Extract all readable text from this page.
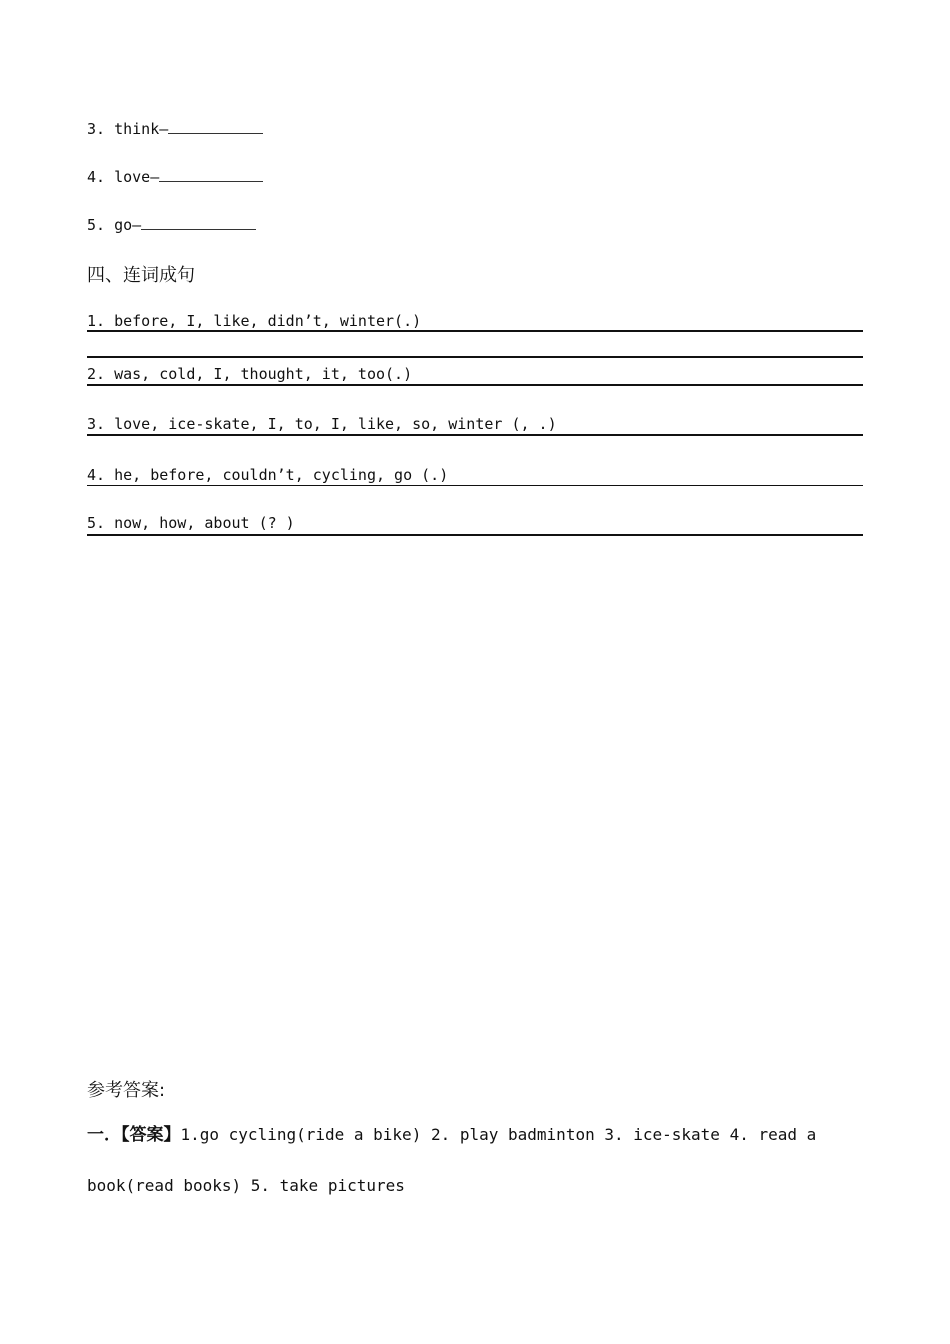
3. think—
4. love—
5. go—
四、连词成句
1. before, I, like, didn’t, winter(.)
2. was, cold, I, thought, it, too(.)
3. love, ice-skate, I, to, I, like, so, winter (, .)
4. he, before, couldn’t, cycling, go (.)
5. now, how, about (? )
参考答案:
一．【答案】1.go cycling(ride a bike) 2. play badminton 3. ice-skate 4. read a
book(read books) 5. take pictures
